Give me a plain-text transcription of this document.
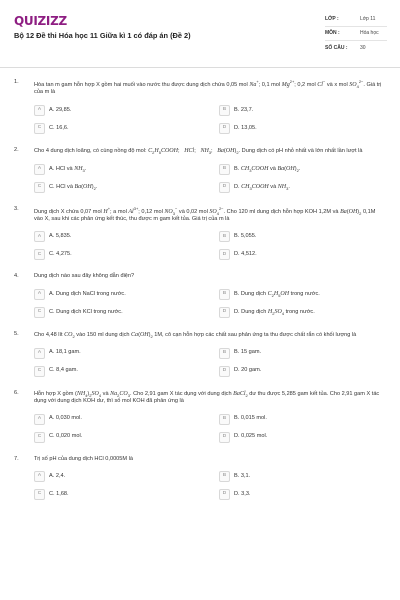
QUIZIZZ
Bộ 12 Đề thi Hóa học 11 Giữa kì 1 có đáp án (Đề 2)
LỚP :	Lớp 11
MÔN :	Hóa học
SỐ CÂU :	30
1.	Hòa tan m gam hỗn hợp X gồm hai muối vào nước thu được dung dịch chứa 0,05 mol Na+; 0,1 mol $Mg^{2+}$; 0,2 mol Cl− và x mol $SO_4^{2-}$. Giá trị của m là
A	A. 29,85.	B	B. 23,7.
C	C. 16,6.	D	D. 13,05.
2.	Cho 4 dung dịch loãng, có cùng nồng độ mol: $C_2H_5COOH$;   HCl;   $NH_3$;   $Ba(OH)_2$. Dung dịch có pH nhỏ nhất và lớn nhất lần lượt là
A	A. HCl và $NH_3$.	B	B. $CH_3COOH$ và $Ba(OH)_2$.
C	C. HCl và $Ba(OH)_2$.	D	D. $CH_3COOH$ và $NH_3$.
3.	Dung dịch X chứa 0,07 mol H+; a mol $Al^{3+}$; 0,12 mol $NO_3^-$ và 0,02 mol $SO_4^{2-}$. Cho 120 ml dung dịch hỗn hợp KOH 1,2M và $Ba(OH)_2$ 0,1M vào X, sau khi các phản ứng kết thúc, thu được m gam kết tủa. Giá trị của m là
A	A. 5,835.	B	B. 5,055.
C	C. 4,275.	D	D. 4,512.
4.	Dung dịch nào sau đây không dẫn điện?
A	A. Dung dịch NaCl trong nước.	B	B. Dung dịch $C_2H_5OH$ trong nước.
C	C. Dung dịch KCl trong nước.	D	D. Dung dịch $H_2SO_4$ trong nước.
5.	Cho 4,48 lít $CO_2$ vào 150 ml dung dịch $Ca(OH)_2$ 1M, cô cạn hỗn hợp các chất sau phản ứng ta thu được chất rắn có khối lượng là
A	A. 18,1 gam.	B	B. 15 gam.
C	C. 8,4 gam.	D	D. 20 gam.
6.	Hỗn hợp X gồm $(NH_4)_2SO_4$ và $Na_2CO_3$. Cho 2,91 gam X tác dụng với dung dịch BaCl$_2$ dư thu được 5,285 gam kết tủa. Cho 2,91 gam X tác dụng với dung dịch KOH dư, thì số mol KOH đã phản ứng là
A	A. 0,030 mol.	B	B. 0,015 mol.
C	C. 0,020 mol.	D	D. 0,025 mol.
7.	Trị số pH của dung dịch HCl 0,0005M là
A	A. 2,4.	B	B. 3,1.
C	C. 1,68.	D	D. 3,3.
